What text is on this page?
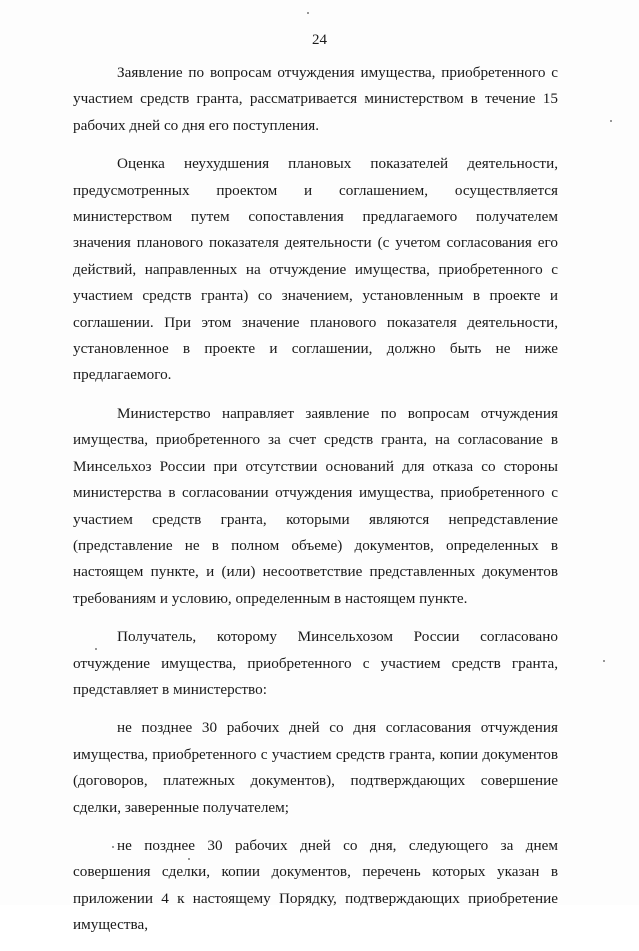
24

Заявление по вопросам отчуждения имущества, приобретенного с участием средств гранта, рассматривается министерством в течение 15 рабочих дней со дня его поступления.

Оценка неухудшения плановых показателей деятельности, предусмотренных проектом и соглашением, осуществляется министерством путем сопоставления предлагаемого получателем значения планового показателя деятельности (с учетом согласования его действий, направленных на отчуждение имущества, приобретенного с участием средств гранта) со значением, установленным в проекте и соглашении. При этом значение планового показателя деятельности, установленное в проекте и соглашении, должно быть не ниже предлагаемого.

Министерство направляет заявление по вопросам отчуждения имущества, приобретенного за счет средств гранта, на согласование в Минсельхоз России при отсутствии оснований для отказа со стороны министерства в согласовании отчуждения имущества, приобретенного с участием средств гранта, которыми являются непредставление (представление не в полном объеме) документов, определенных в настоящем пункте, и (или) несоответствие представленных документов требованиям и условию, определенным в настоящем пункте.

Получатель, которому Минсельхозом России согласовано отчуждение имущества, приобретенного с участием средств гранта, представляет в министерство:

не позднее 30 рабочих дней со дня согласования отчуждения имущества, приобретенного с участием средств гранта, копии документов (договоров, платежных документов), подтверждающих совершение сделки, заверенные получателем;

не позднее 30 рабочих дней со дня, следующего за днем совершения сделки, копии документов, перечень которых указан в приложении 4 к настоящему Порядку, подтверждающих приобретение имущества,
